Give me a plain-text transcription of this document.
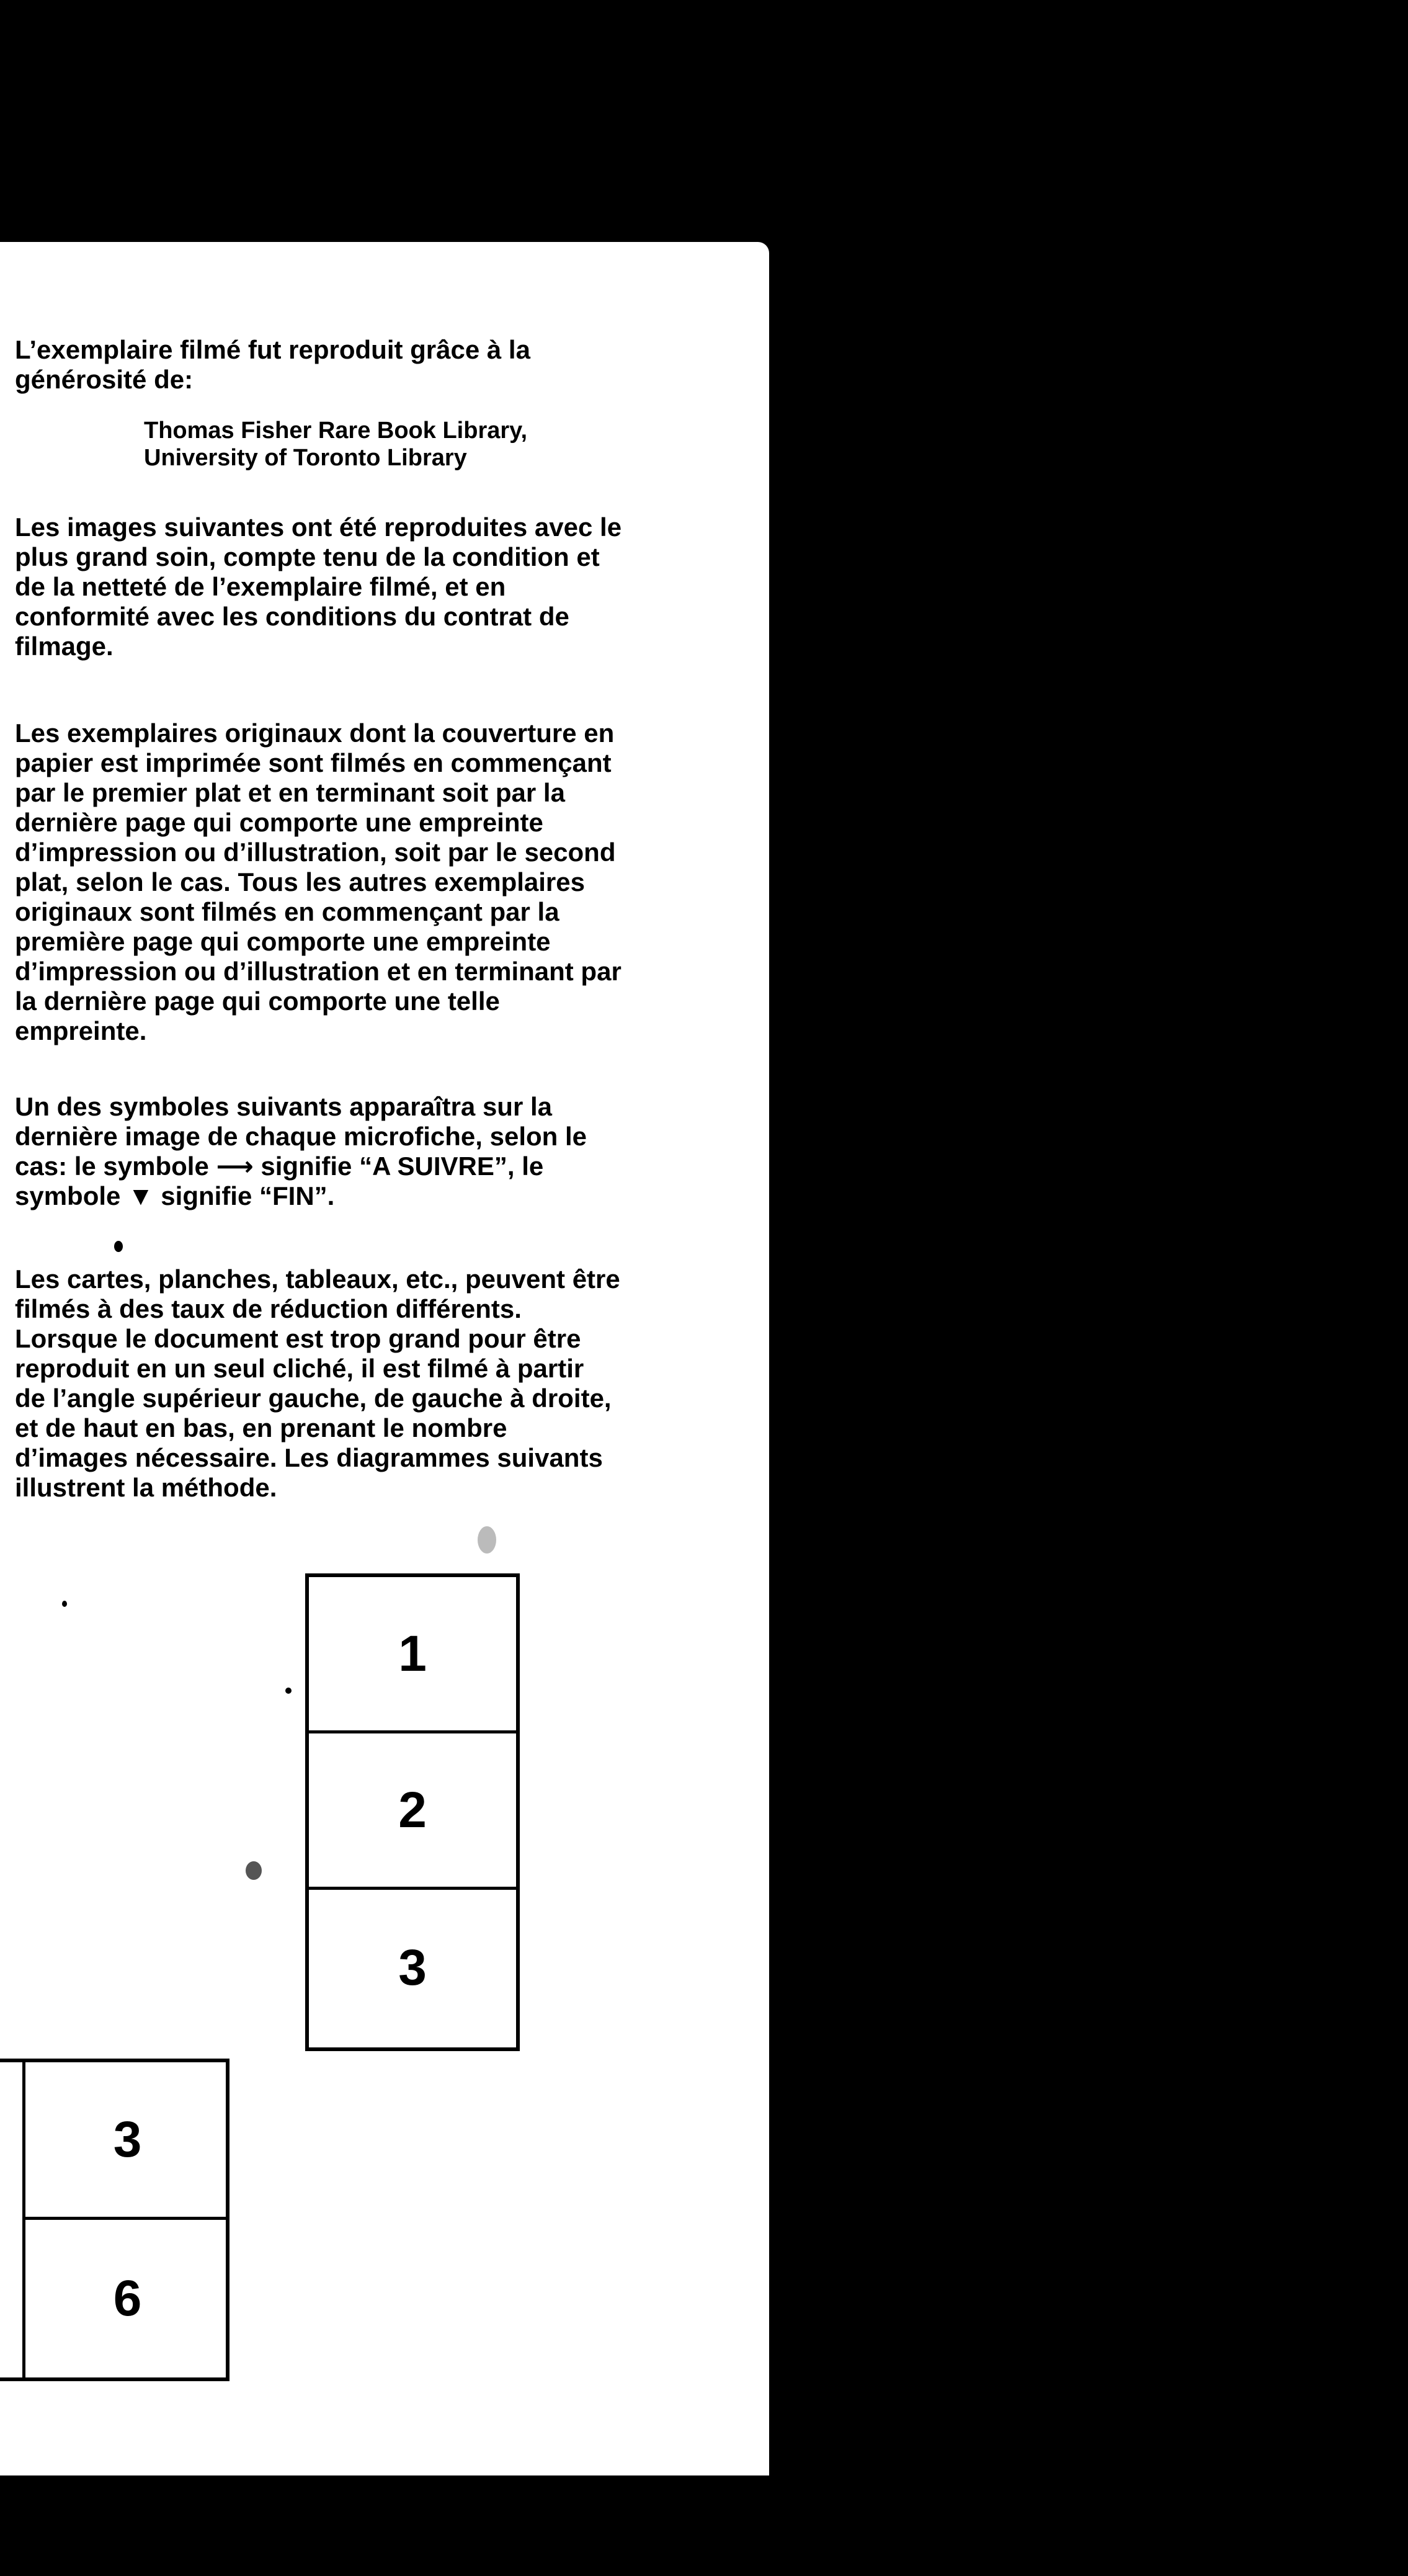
L’exemplaire filmé fut reproduit grâce à la
générosité de:

Thomas Fisher Rare Book Library,
University of Toronto Library

Les images suivantes ont été reproduites avec le
plus grand soin, compte tenu de la condition et
de la netteté de l’exemplaire filmé, et en
conformité avec les conditions du contrat de
filmage.

Les exemplaires originaux dont la couverture en
papier est imprimée sont filmés en commençant
par le premier plat et en terminant soit par la
dernière page qui comporte une empreinte
d’impression ou d’illustration, soit par le second
plat, selon le cas. Tous les autres exemplaires
originaux sont filmés en commençant par la
première page qui comporte une empreinte
d’impression ou d’illustration et en terminant par
la dernière page qui comporte une telle
empreinte.

Un des symboles suivants apparaîtra sur la
dernière image de chaque microfiche, selon le
cas: le symbole ⟶ signifie “A SUIVRE”, le
symbole ▼ signifie “FIN”.

Les cartes, planches, tableaux, etc., peuvent être
filmés à des taux de réduction différents.
Lorsque le document est trop grand pour être
reproduit en un seul cliché, il est filmé à partir
de l’angle supérieur gauche, de gauche à droite,
et de haut en bas, en prenant le nombre
d’images nécessaire. Les diagrammes suivants
illustrent la méthode.

1
2
3
3
6
